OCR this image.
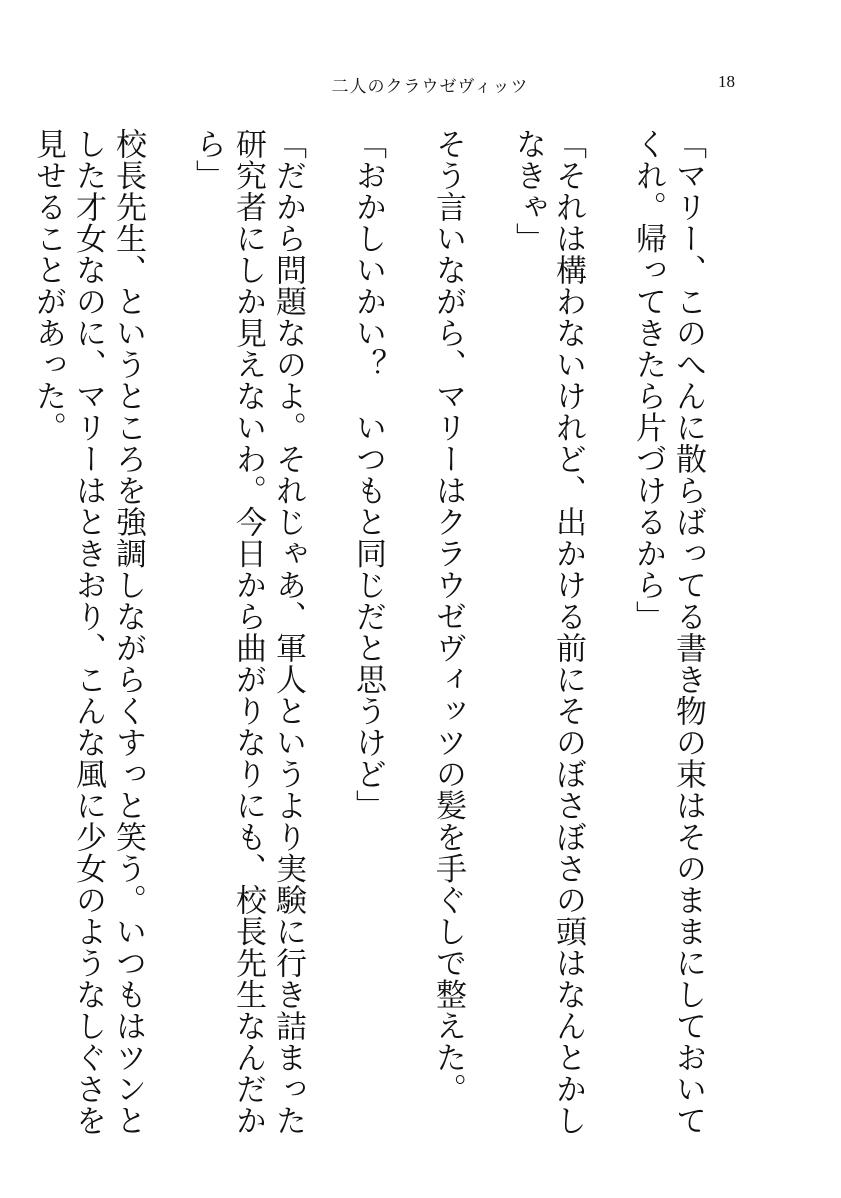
二人のクラウゼヴィッツ	18

「マリー、このへんに散らばってる書き物の束はそのままにしておいてくれ。帰ってきたら片づけるから」

「それは構わないけれど、出かける前にそのぼさぼさの頭はなんとかしなきゃ」

そう言いながら、マリーはクラウゼヴィッツの髪を手ぐしで整えた。

「おかしいかい？　いつもと同じだと思うけど」

「だから問題なのよ。それじゃあ、軍人というより実験に行き詰まった研究者にしか見えないわ。今日から曲がりなりにも、校長先生なんだから」

校長先生、というところを強調しながらくすっと笑う。いつもはツンとした才女なのに、マリーはときおり、こんな風に少女のようなしぐさを見せることがあった。
